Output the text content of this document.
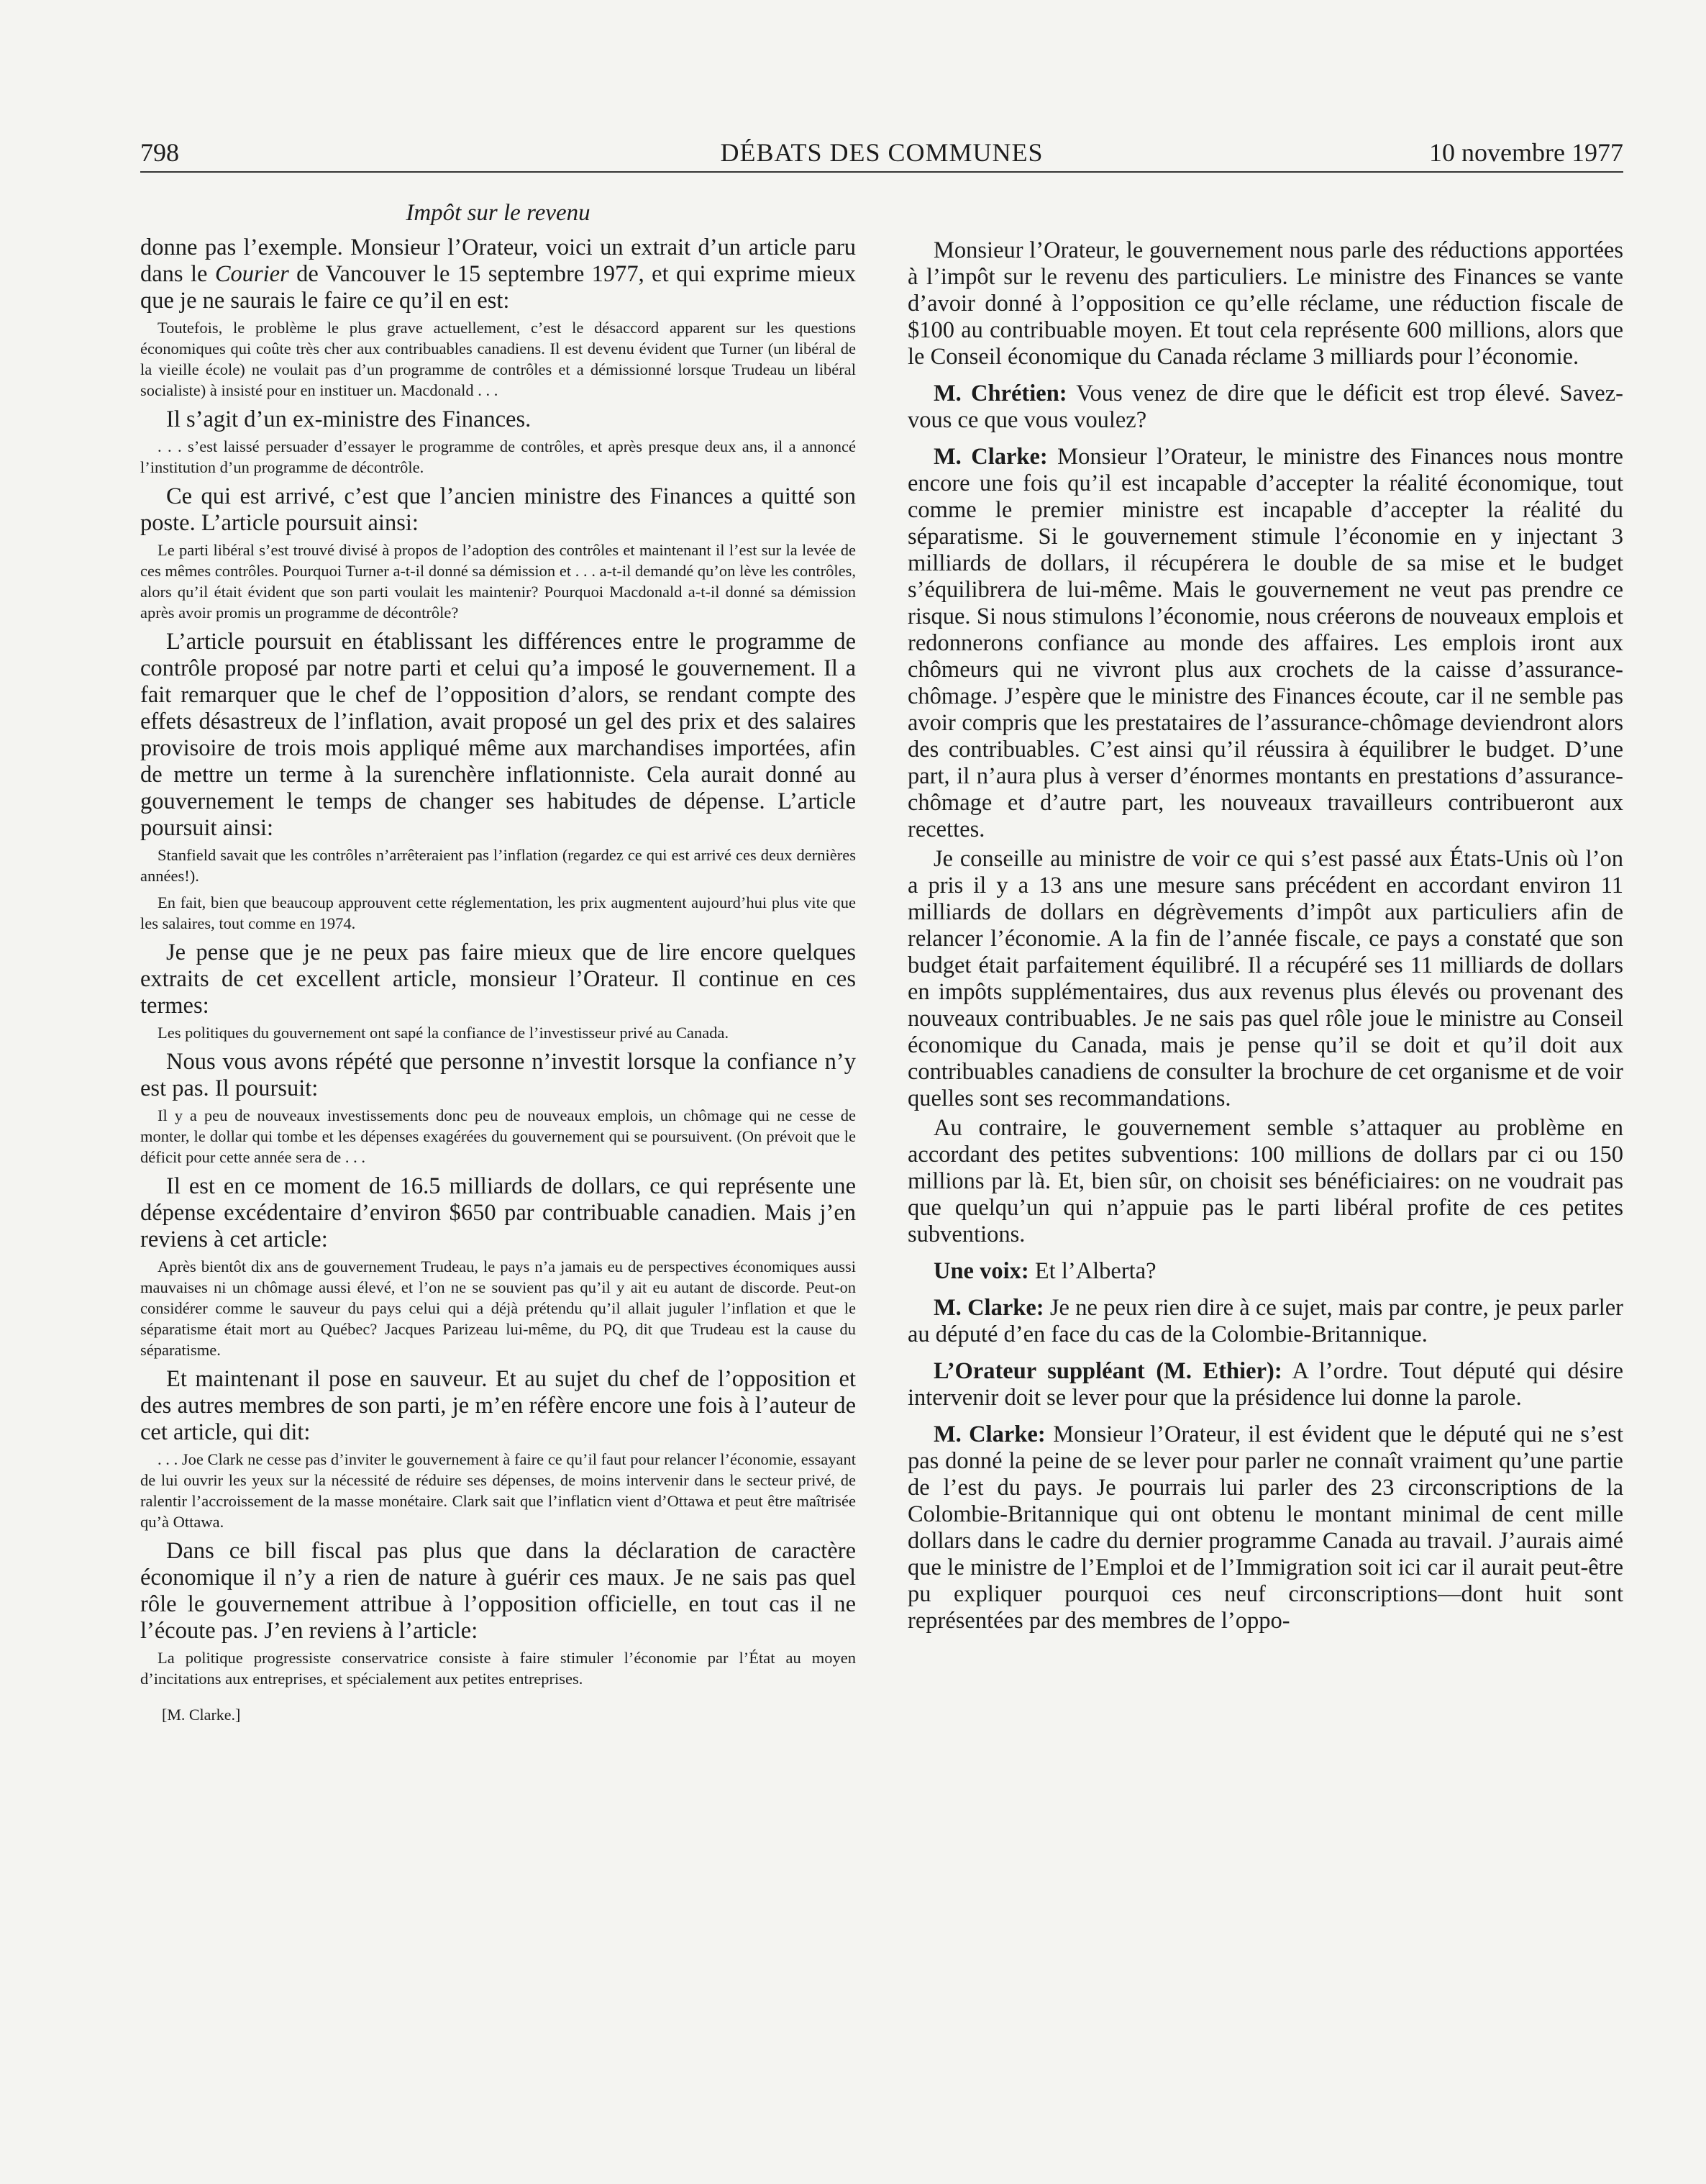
798	DÉBATS DES COMMUNES	10 novembre 1977
Impôt sur le revenu

donne pas l’exemple. Monsieur l’Orateur, voici un extrait d’un article paru dans le Courier de Vancouver le 15 septembre 1977, et qui exprime mieux que je ne saurais le faire ce qu’il en est:

Toutefois, le problème le plus grave actuellement, c’est le désaccord apparent sur les questions économiques qui coûte très cher aux contribuables canadiens. Il est devenu évident que Turner (un libéral de la vieille école) ne voulait pas d’un programme de contrôles et a démissionné lorsque Trudeau un libéral socialiste) à insisté pour en instituer un. Macdonald . . .

Il s’agit d’un ex-ministre des Finances.

. . . s’est laissé persuader d’essayer le programme de contrôles, et après presque deux ans, il a annoncé l’institution d’un programme de décontrôle.

Ce qui est arrivé, c’est que l’ancien ministre des Finances a quitté son poste. L’article poursuit ainsi:

Le parti libéral s’est trouvé divisé à propos de l’adoption des contrôles et maintenant il l’est sur la levée de ces mêmes contrôles. Pourquoi Turner a-t-il donné sa démission et . . . a-t-il demandé qu’on lève les contrôles, alors qu’il était évident que son parti voulait les maintenir? Pourquoi Macdonald a-t-il donné sa démission après avoir promis un programme de décontrôle?

L’article poursuit en établissant les différences entre le programme de contrôle proposé par notre parti et celui qu’a imposé le gouvernement. Il a fait remarquer que le chef de l’opposition d’alors, se rendant compte des effets désastreux de l’inflation, avait proposé un gel des prix et des salaires provisoire de trois mois appliqué même aux marchandises importées, afin de mettre un terme à la surenchère inflationniste. Cela aurait donné au gouvernement le temps de changer ses habitudes de dépense. L’article poursuit ainsi:

Stanfield savait que les contrôles n’arrêteraient pas l’inflation (regardez ce qui est arrivé ces deux dernières années!).

En fait, bien que beaucoup approuvent cette réglementation, les prix augmentent aujourd’hui plus vite que les salaires, tout comme en 1974.

Je pense que je ne peux pas faire mieux que de lire encore quelques extraits de cet excellent article, monsieur l’Orateur. Il continue en ces termes:

Les politiques du gouvernement ont sapé la confiance de l’investisseur privé au Canada.

Nous vous avons répété que personne n’investit lorsque la confiance n’y est pas. Il poursuit:

Il y a peu de nouveaux investissements donc peu de nouveaux emplois, un chômage qui ne cesse de monter, le dollar qui tombe et les dépenses exagérées du gouvernement qui se poursuivent. (On prévoit que le déficit pour cette année sera de . . .

Il est en ce moment de 16.5 milliards de dollars, ce qui représente une dépense excédentaire d’environ $650 par contribuable canadien. Mais j’en reviens à cet article:

Après bientôt dix ans de gouvernement Trudeau, le pays n’a jamais eu de perspectives économiques aussi mauvaises ni un chômage aussi élevé, et l’on ne se souvient pas qu’il y ait eu autant de discorde. Peut-on considérer comme le sauveur du pays celui qui a déjà prétendu qu’il allait juguler l’inflation et que le séparatisme était mort au Québec? Jacques Parizeau lui-même, du PQ, dit que Trudeau est la cause du séparatisme.

Et maintenant il pose en sauveur. Et au sujet du chef de l’opposition et des autres membres de son parti, je m’en réfère encore une fois à l’auteur de cet article, qui dit:

. . . Joe Clark ne cesse pas d’inviter le gouvernement à faire ce qu’il faut pour relancer l’économie, essayant de lui ouvrir les yeux sur la nécessité de réduire ses dépenses, de moins intervenir dans le secteur privé, de ralentir l’accroissement de la masse monétaire. Clark sait que l’inflaticn vient d’Ottawa et peut être maîtrisée qu’à Ottawa.

Dans ce bill fiscal pas plus que dans la déclaration de caractère économique il n’y a rien de nature à guérir ces maux. Je ne sais pas quel rôle le gouvernement attribue à l’opposition officielle, en tout cas il ne l’écoute pas. J’en reviens à l’article:

La politique progressiste conservatrice consiste à faire stimuler l’économie par l’État au moyen d’incitations aux entreprises, et spécialement aux petites entreprises.

[M. Clarke.]

Monsieur l’Orateur, le gouvernement nous parle des réductions apportées à l’impôt sur le revenu des particuliers. Le ministre des Finances se vante d’avoir donné à l’opposition ce qu’elle réclame, une réduction fiscale de $100 au contribuable moyen. Et tout cela représente 600 millions, alors que le Conseil économique du Canada réclame 3 milliards pour l’économie.

M. Chrétien: Vous venez de dire que le déficit est trop élevé. Savez-vous ce que vous voulez?

M. Clarke: Monsieur l’Orateur, le ministre des Finances nous montre encore une fois qu’il est incapable d’accepter la réalité économique, tout comme le premier ministre est incapable d’accepter la réalité du séparatisme. Si le gouvernement stimule l’économie en y injectant 3 milliards de dollars, il récupérera le double de sa mise et le budget s’équilibrera de lui-même. Mais le gouvernement ne veut pas prendre ce risque. Si nous stimulons l’économie, nous créerons de nouveaux emplois et redonnerons confiance au monde des affaires. Les emplois iront aux chômeurs qui ne vivront plus aux crochets de la caisse d’assurance-chômage. J’espère que le ministre des Finances écoute, car il ne semble pas avoir compris que les prestataires de l’assurance-chômage deviendront alors des contribuables. C’est ainsi qu’il réussira à équilibrer le budget. D’une part, il n’aura plus à verser d’énormes montants en prestations d’assurance-chômage et d’autre part, les nouveaux travailleurs contribueront aux recettes.

Je conseille au ministre de voir ce qui s’est passé aux États-Unis où l’on a pris il y a 13 ans une mesure sans précédent en accordant environ 11 milliards de dollars en dégrèvements d’impôt aux particuliers afin de relancer l’économie. A la fin de l’année fiscale, ce pays a constaté que son budget était parfaitement équilibré. Il a récupéré ses 11 milliards de dollars en impôts supplémentaires, dus aux revenus plus élevés ou provenant des nouveaux contribuables. Je ne sais pas quel rôle joue le ministre au Conseil économique du Canada, mais je pense qu’il se doit et qu’il doit aux contribuables canadiens de consulter la brochure de cet organisme et de voir quelles sont ses recommandations.

Au contraire, le gouvernement semble s’attaquer au problème en accordant des petites subventions: 100 millions de dollars par ci ou 150 millions par là. Et, bien sûr, on choisit ses bénéficiaires: on ne voudrait pas que quelqu’un qui n’appuie pas le parti libéral profite de ces petites subventions.

Une voix: Et l’Alberta?

M. Clarke: Je ne peux rien dire à ce sujet, mais par contre, je peux parler au député d’en face du cas de la Colombie-Britannique.

L’Orateur suppléant (M. Ethier): A l’ordre. Tout député qui désire intervenir doit se lever pour que la présidence lui donne la parole.

M. Clarke: Monsieur l’Orateur, il est évident que le député qui ne s’est pas donné la peine de se lever pour parler ne connaît vraiment qu’une partie de l’est du pays. Je pourrais lui parler des 23 circonscriptions de la Colombie-Britannique qui ont obtenu le montant minimal de cent mille dollars dans le cadre du dernier programme Canada au travail. J’aurais aimé que le ministre de l’Emploi et de l’Immigration soit ici car il aurait peut-être pu expliquer pourquoi ces neuf circonscriptions—dont huit sont représentées par des membres de l’oppo-
